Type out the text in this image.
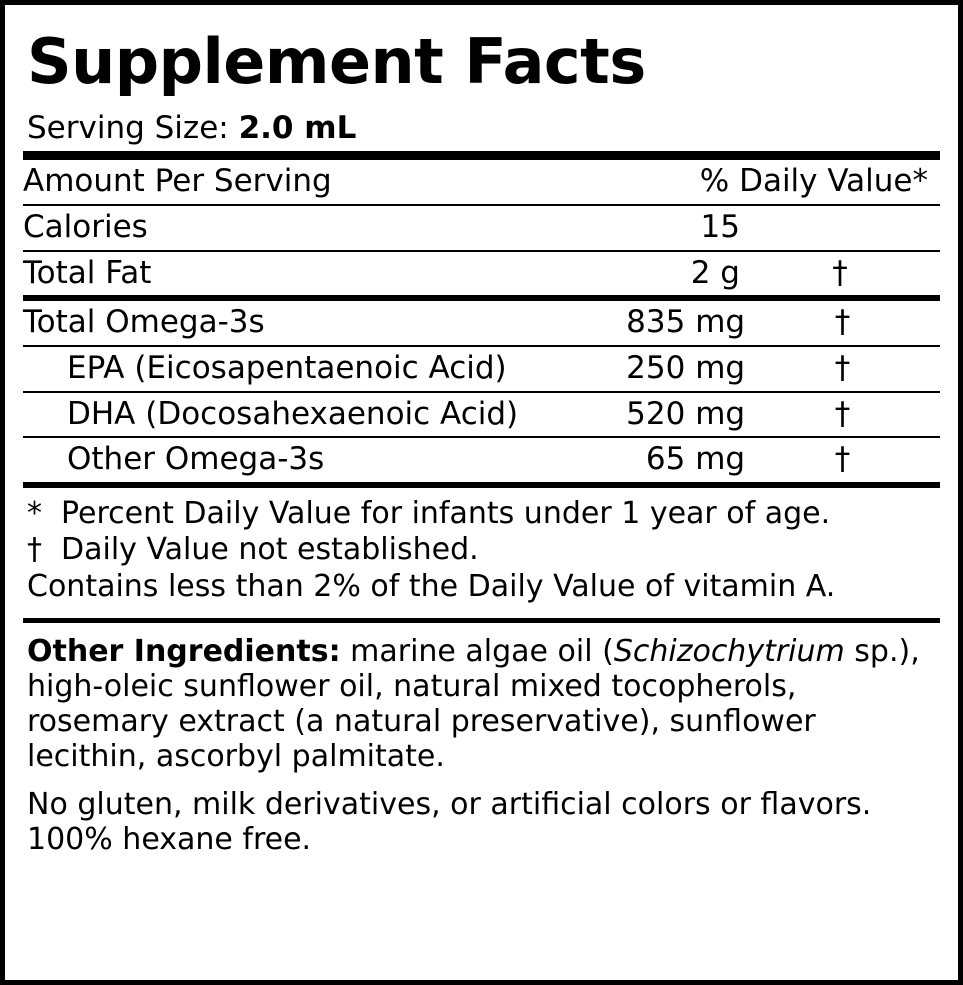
Supplement Facts
Serving Size: 2.0 mL
Amount Per Serving	% Daily Value*	

Calories	15	

Total Fat	2 g	†
Total Omega-3s	835 mg	†

EPA (Eicosapentaenoic Acid)	250 mg	†

DHA (Docosahexaenoic Acid)	520 mg	†

Other Omega-3s	65 mg	†
* Percent Daily Value for infants under 1 year of age.
† Daily Value not established.
Contains less than 2% of the Daily Value of vitamin A.
Other Ingredients: marine algae oil (Schizochytrium sp.), high-oleic sunflower oil, natural mixed tocopherols, rosemary extract (a natural preservative), sunflower lecithin, ascorbyl palmitate.
No gluten, milk derivatives, or artificial colors or flavors.
100% hexane free.
